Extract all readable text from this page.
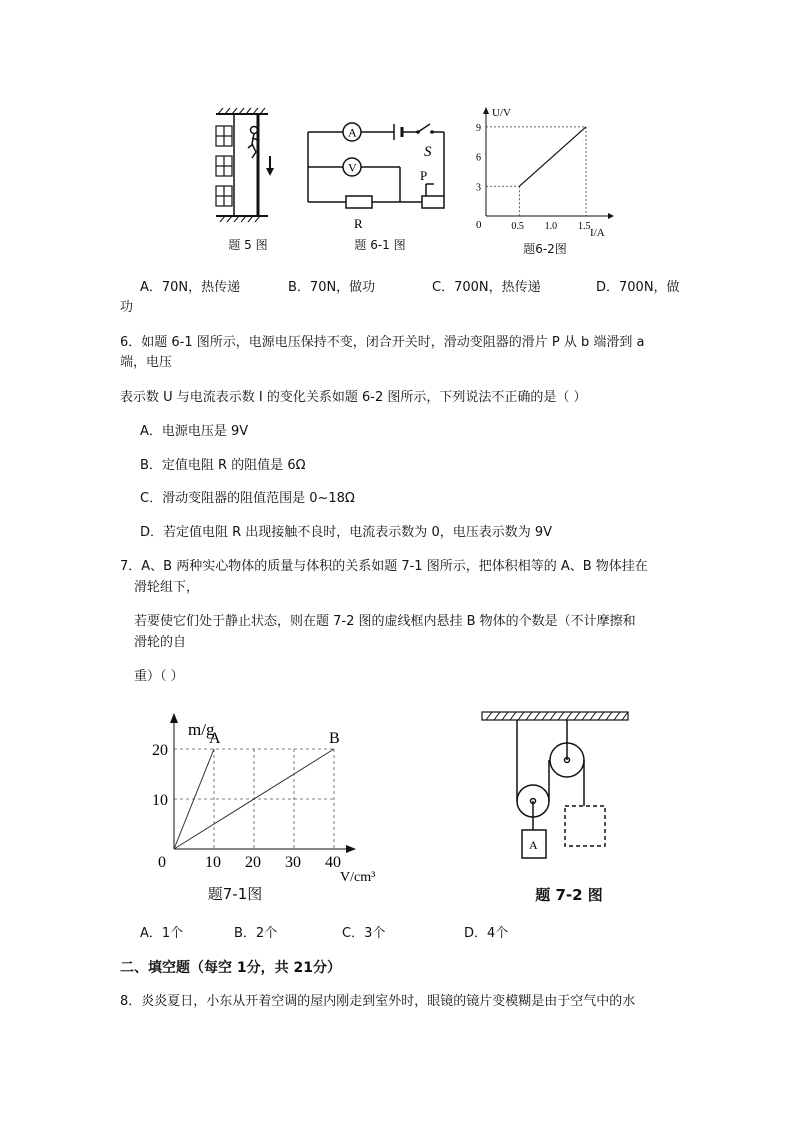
题 5 图
A
V
S
P
R
题 6-1 图
U/V
I/A
0	0.5 1.0 1.5
3
6
9
题6-2图
A．70N，热传递	B．70N，做功	C．700N，热传递	D．700N，做
功
6．如题 6-1 图所示，电源电压保持不变，闭合开关时，滑动变阻器的滑片 P 从 b 端滑到 a
端，电压
表示数 U 与电流表示数 I 的变化关系如题 6-2 图所示，下列说法不正确的是（ ）
A．电源电压是 9V
B．定值电阻 R 的阻值是 6Ω
C．滑动变阻器的阻值范围是 0~18Ω
D．若定值电阻 R 出现接触不良时，电流表示数为 0，电压表示数为 9V
7．A、B 两种实心物体的质量与体积的关系如题 7-1 图所示，把体积相等的 A、B 物体挂在
滑轮组下，
若要使它们处于静止状态，则在题 7-2 图的虚线框内悬挂 B 物体的个数是（不计摩擦和
滑轮的自
重）（ ）
m/g
V/cm³
0
10
20
10 20 30 40
A	B
题7-1图
A
题 7-2 图
A．1个	B．2个	C．3个	D．4个
二、填空题（每空 1分，共 21分）
8．炎炎夏日，小东从开着空调的屋内刚走到室外时，眼镜的镜片变模糊是由于空气中的水
